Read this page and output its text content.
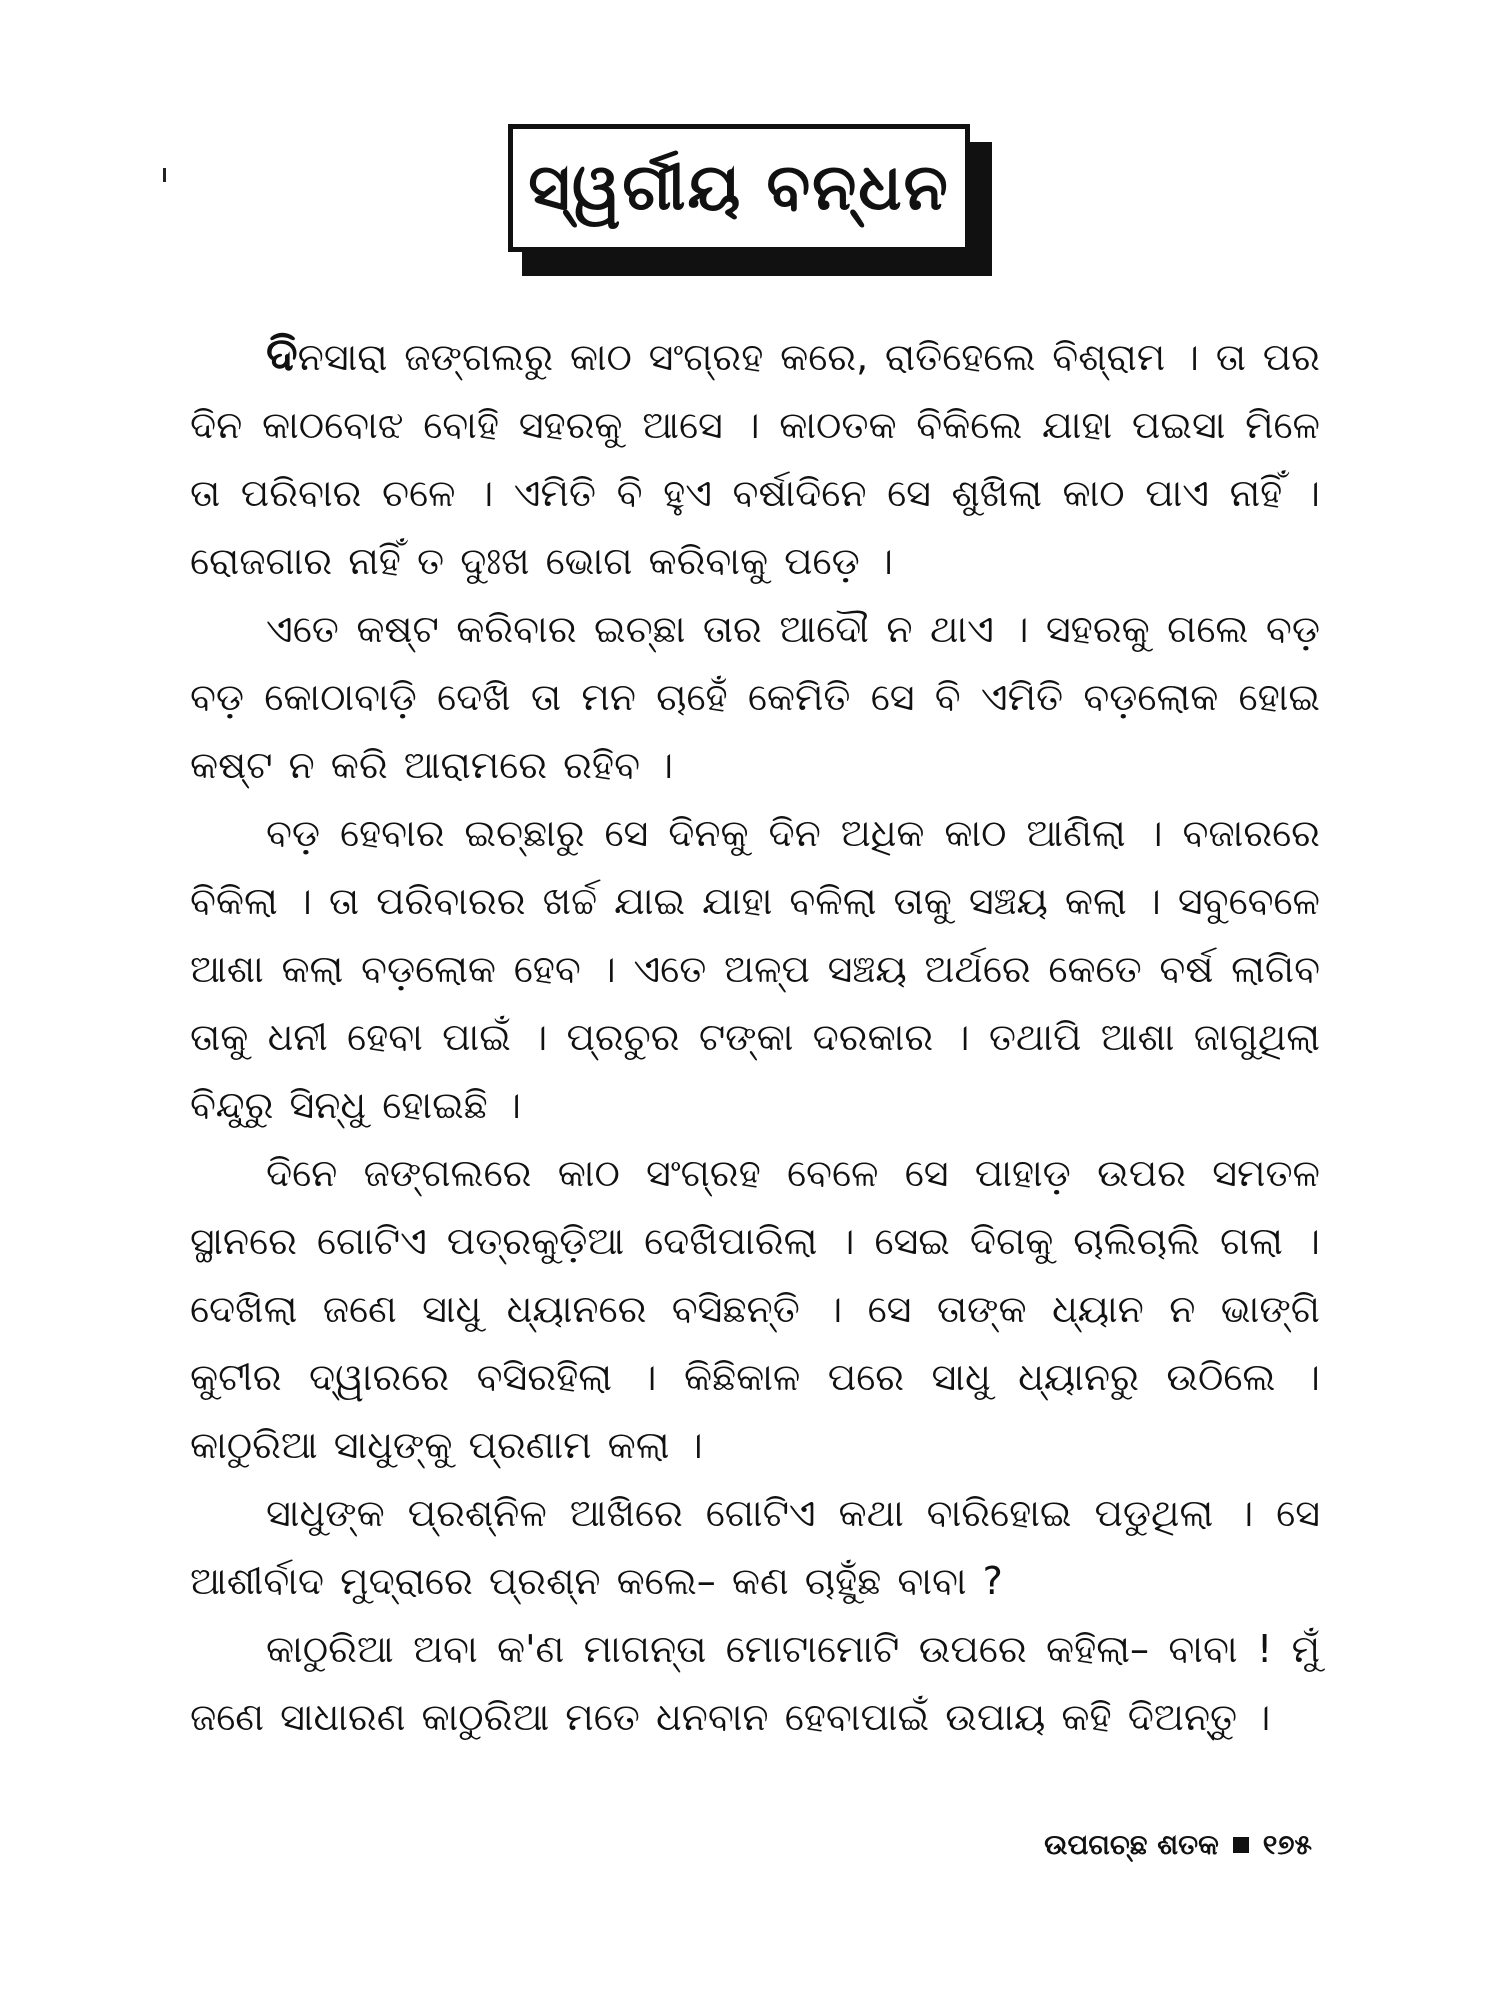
ସ୍ୱର୍ଗୀୟ ବନ୍ଧନ

ଦିନସାରା ଜଙ୍ଗଲରୁ କାଠ ସଂଗ୍ରହ କରେ, ରାତିହେଲେ ବିଶ୍ରାମ । ତା ପର ଦିନ କାଠବୋଝ ବୋହି ସହରକୁ ଆସେ । କାଠତକ ବିକିଲେ ଯାହା ପଇସା ମିଳେ ତା ପରିବାର ଚଳେ । ଏମିତି ବି ହୁଏ ବର୍ଷାଦିନେ ସେ ଶୁଖିଲା କାଠ ପାଏ ନାହିଁ । ରୋଜଗାର ନାହିଁ ତ ଦୁଃଖ ଭୋଗ କରିବାକୁ ପଡ଼େ ।

ଏତେ କଷ୍ଟ କରିବାର ଇଚ୍ଛା ତାର ଆଦୌ ନ ଥାଏ । ସହରକୁ ଗଲେ ବଡ଼ ବଡ଼ କୋଠାବାଡ଼ି ଦେଖି ତା ମନ ଚାହେଁ କେମିତି ସେ ବି ଏମିତି ବଡ଼ଲୋକ ହୋଇ କଷ୍ଟ ନ କରି ଆରାମରେ ରହିବ ।

ବଡ଼ ହେବାର ଇଚ୍ଛାରୁ ସେ ଦିନକୁ ଦିନ ଅଧିକ କାଠ ଆଣିଲା । ବଜାରରେ ବିକିଲା । ତା ପରିବାରର ଖର୍ଚ୍ଚ ଯାଇ ଯାହା ବଳିଲା ତାକୁ ସଞ୍ଚୟ କଲା । ସବୁବେଳେ ଆଶା କଲା ବଡ଼ଲୋକ ହେବ । ଏତେ ଅଳ୍ପ ସଞ୍ଚୟ ଅର୍ଥରେ କେତେ ବର୍ଷ ଲାଗିବ ତାକୁ ଧନୀ ହେବା ପାଇଁ । ପ୍ରଚୁର ଟଙ୍କା ଦରକାର । ତଥାପି ଆଶା ଜାଗୁଥିଲା ବିନ୍ଦୁରୁ ସିନ୍ଧୁ ହୋଇଛି ।

ଦିନେ ଜଙ୍ଗଲରେ କାଠ ସଂଗ୍ରହ ବେଳେ ସେ ପାହାଡ଼ ଉପର ସମତଳ ସ୍ଥାନରେ ଗୋଟିଏ ପତ୍ରକୁଡ଼ିଆ ଦେଖିପାରିଲା । ସେଇ ଦିଗକୁ ଚାଲିଚାଲି ଗଲା । ଦେଖିଲା ଜଣେ ସାଧୁ ଧ୍ୟାନରେ ବସିଛନ୍ତି । ସେ ତାଙ୍କ ଧ୍ୟାନ ନ ଭାଙ୍ଗି କୁଟୀର ଦ୍ୱାରରେ ବସିରହିଲା । କିଛିକାଳ ପରେ ସାଧୁ ଧ୍ୟାନରୁ ଉଠିଲେ । କାଠୁରିଆ ସାଧୁଙ୍କୁ ପ୍ରଣାମ କଲା ।

ସାଧୁଙ୍କ ପ୍ରଶ୍ନିଳ ଆଖିରେ ଗୋଟିଏ କଥା ବାରିହୋଇ ପଡୁଥିଲା । ସେ ଆଶୀର୍ବାଦ ମୁଦ୍ରାରେ ପ୍ରଶ୍ନ କଲେ– କଣ ଚାହୁଁଛ ବାବା ?

କାଠୁରିଆ ଅବା କ'ଣ ମାଗନ୍ତା ମୋଟାମୋଟି ଉପରେ କହିଲା– ବାବା ! ମୁଁ ଜଣେ ସାଧାରଣ କାଠୁରିଆ ମତେ ଧନବାନ ହେବାପାଇଁ ଉପାୟ କହି ଦିଅନ୍ତୁ ।

ଉପଗଚ୍ଛ ଶତକ ୧୭୫
